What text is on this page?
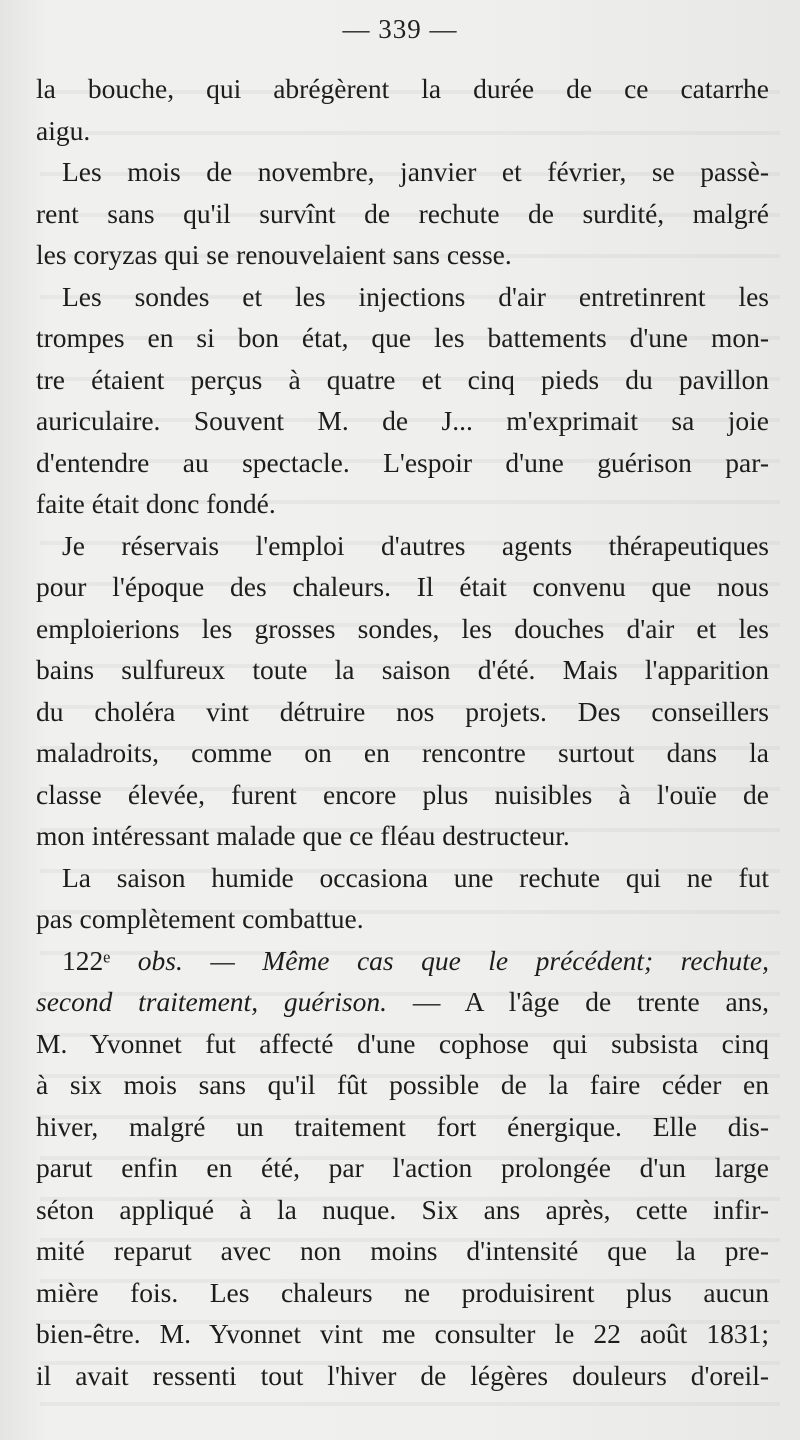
— 339 —
la bouche, qui abrégèrent la durée de ce catarrhe
aigu.
Les mois de novembre, janvier et février, se passè-
rent sans qu'il survînt de rechute de surdité, malgré
les coryzas qui se renouvelaient sans cesse.
Les sondes et les injections d'air entretinrent les
trompes en si bon état, que les battements d'une mon-
tre étaient perçus à quatre et cinq pieds du pavillon
auriculaire. Souvent M. de J... m'exprimait sa joie
d'entendre au spectacle. L'espoir d'une guérison par-
faite était donc fondé.
Je réservais l'emploi d'autres agents thérapeutiques
pour l'époque des chaleurs. Il était convenu que nous
emploierions les grosses sondes, les douches d'air et les
bains sulfureux toute la saison d'été. Mais l'apparition
du choléra vint détruire nos projets. Des conseillers
maladroits, comme on en rencontre surtout dans la
classe élevée, furent encore plus nuisibles à l'ouïe de
mon intéressant malade que ce fléau destructeur.
La saison humide occasiona une rechute qui ne fut
pas complètement combattue.
122ᵉ obs. — Même cas que le précédent; rechute,
second traitement, guérison. — A l'âge de trente ans,
M. Yvonnet fut affecté d'une cophose qui subsista cinq
à six mois sans qu'il fût possible de la faire céder en
hiver, malgré un traitement fort énergique. Elle dis-
parut enfin en été, par l'action prolongée d'un large
séton appliqué à la nuque. Six ans après, cette infir-
mité reparut avec non moins d'intensité que la pre-
mière fois. Les chaleurs ne produisirent plus aucun
bien-être. M. Yvonnet vint me consulter le 22 août 1831;
il avait ressenti tout l'hiver de légères douleurs d'oreil-
